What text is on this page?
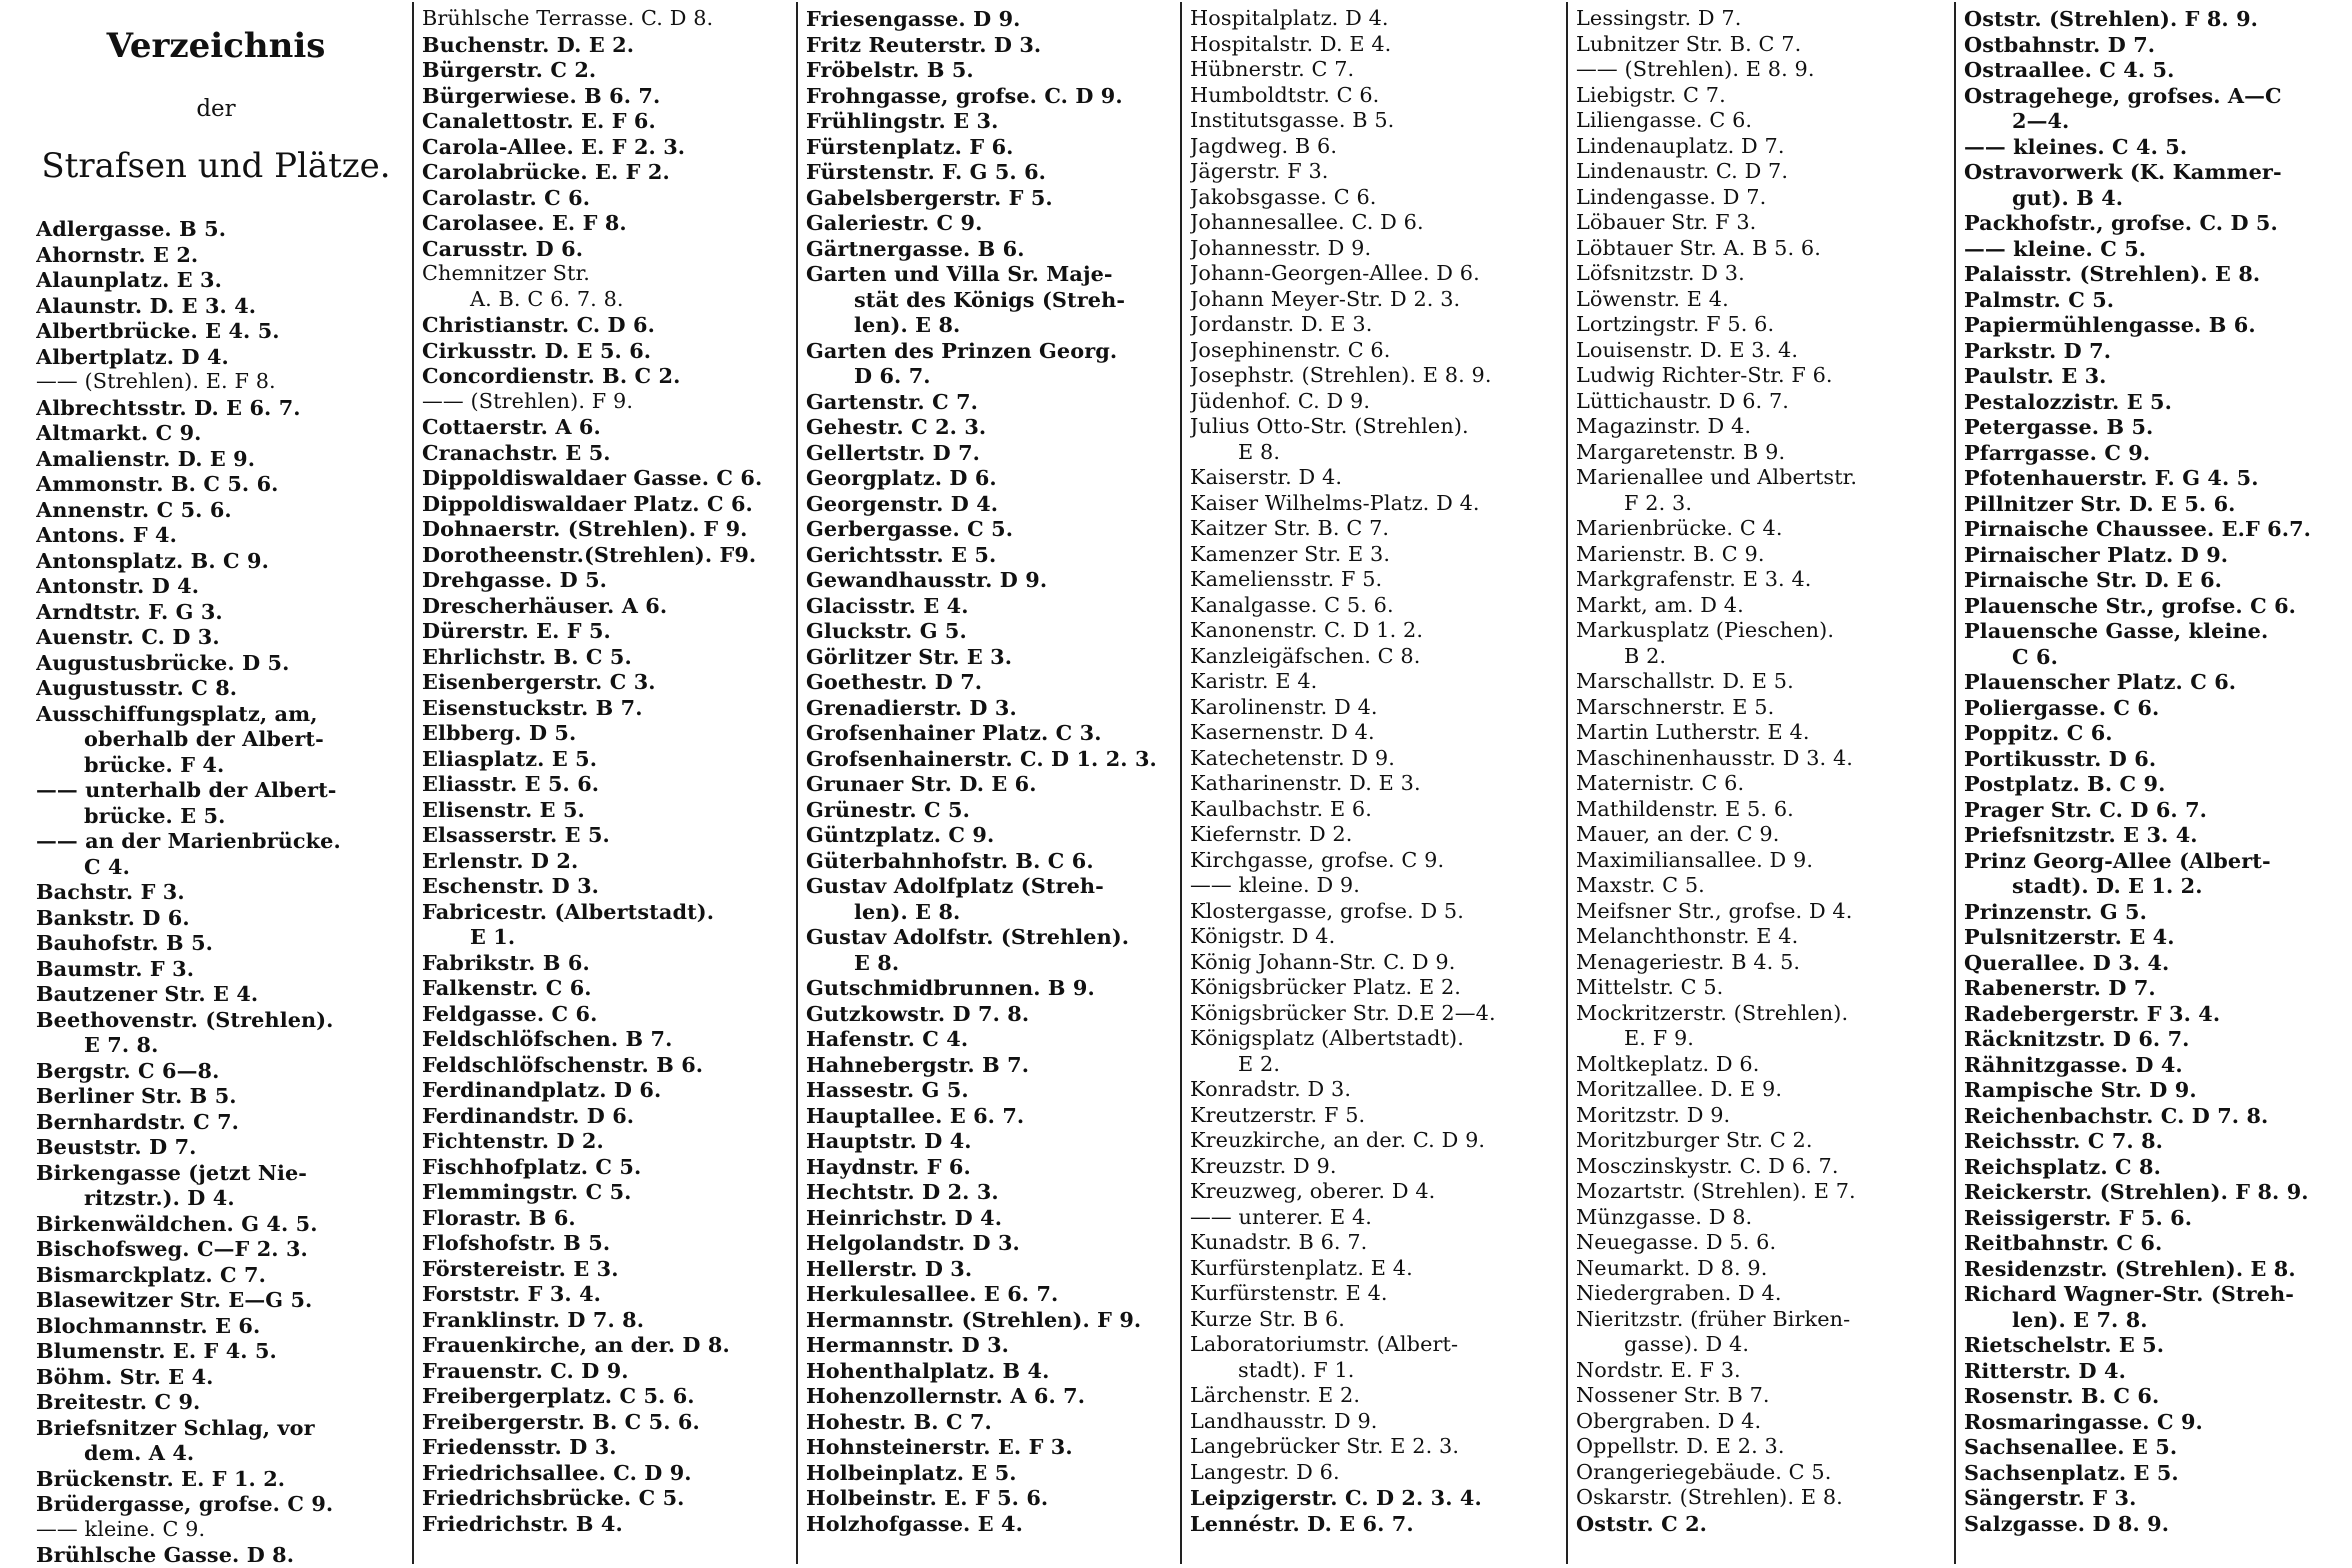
Verzeichnis
der
Strafsen und Plätze.
Adlergasse. B 5.
Ahornstr. E 2.
Alaunplatz. E 3.
Alaunstr. D. E 3. 4.
Albertbrücke. E 4. 5.
Albertplatz. D 4.
—— (Strehlen). E. F 8.
Albrechtsstr. D. E 6. 7.
Altmarkt. C 9.
Amalienstr. D. E 9.
Ammonstr. B. C 5. 6.
Annenstr. C 5. 6.
Antons. F 4.
Antonsplatz. B. C 9.
Antonstr. D 4.
Arndtstr. F. G 3.
Auenstr. C. D 3.
Augustusbrücke. D 5.
Augustusstr. C 8.
Ausschiffungsplatz, am,
oberhalb der Albert-
brücke. F 4.
—— unterhalb der Albert-
brücke. E 5.
—— an der Marienbrücke.
C 4.
Bachstr. F 3.
Bankstr. D 6.
Bauhofstr. B 5.
Baumstr. F 3.
Bautzener Str. E 4.
Beethovenstr. (Strehlen).
E 7. 8.
Bergstr. C 6—8.
Berliner Str. B 5.
Bernhardstr. C 7.
Beuststr. D 7.
Birkengasse (jetzt Nie-
ritzstr.). D 4.
Birkenwäldchen. G 4. 5.
Bischofsweg. C—F 2. 3.
Bismarckplatz. C 7.
Blasewitzer Str. E—G 5.
Blochmannstr. E 6.
Blumenstr. E. F 4. 5.
Böhm. Str. E 4.
Breitestr. C 9.
Briefsnitzer Schlag, vor
dem. A 4.
Brückenstr. E. F 1. 2.
Brüdergasse, grofse. C 9.
—— kleine. C 9.
Brühlsche Gasse. D 8.
Brühlsche Terrasse. C. D 8.
Buchenstr. D. E 2.
Bürgerstr. C 2.
Bürgerwiese. B 6. 7.
Canalettostr. E. F 6.
Carola-Allee. E. F 2. 3.
Carolabrücke. E. F 2.
Carolastr. C 6.
Carolasee. E. F 8.
Carusstr. D 6.
Chemnitzer Str.
A. B. C 6. 7. 8.
Christianstr. C. D 6.
Cirkusstr. D. E 5. 6.
Concordienstr. B. C 2.
—— (Strehlen). F 9.
Cottaerstr. A 6.
Cranachstr. E 5.
Dippoldiswaldaer Gasse. C 6.
Dippoldiswaldaer Platz. C 6.
Dohnaerstr. (Strehlen). F 9.
Dorotheenstr.(Strehlen). F9.
Drehgasse. D 5.
Drescherhäuser. A 6.
Dürerstr. E. F 5.
Ehrlichstr. B. C 5.
Eisenbergerstr. C 3.
Eisenstuckstr. B 7.
Elbberg. D 5.
Eliasplatz. E 5.
Eliasstr. E 5. 6.
Elisenstr. E 5.
Elsasserstr. E 5.
Erlenstr. D 2.
Eschenstr. D 3.
Fabricestr. (Albertstadt).
E 1.
Fabrikstr. B 6.
Falkenstr. C 6.
Feldgasse. C 6.
Feldschlöfschen. B 7.
Feldschlöfschenstr. B 6.
Ferdinandplatz. D 6.
Ferdinandstr. D 6.
Fichtenstr. D 2.
Fischhofplatz. C 5.
Flemmingstr. C 5.
Florastr. B 6.
Flofshofstr. B 5.
Förstereistr. E 3.
Forststr. F 3. 4.
Franklinstr. D 7. 8.
Frauenkirche, an der. D 8.
Frauenstr. C. D 9.
Freibergerplatz. C 5. 6.
Freibergerstr. B. C 5. 6.
Friedensstr. D 3.
Friedrichsallee. C. D 9.
Friedrichsbrücke. C 5.
Friedrichstr. B 4.
Friesengasse. D 9.
Fritz Reuterstr. D 3.
Fröbelstr. B 5.
Frohngasse, grofse. C. D 9.
Frühlingstr. E 3.
Fürstenplatz. F 6.
Fürstenstr. F. G 5. 6.
Gabelsbergerstr. F 5.
Galeriestr. C 9.
Gärtnergasse. B 6.
Garten und Villa Sr. Maje-
stät des Königs (Streh-
len). E 8.
Garten des Prinzen Georg.
D 6. 7.
Gartenstr. C 7.
Gehestr. C 2. 3.
Gellertstr. D 7.
Georgplatz. D 6.
Georgenstr. D 4.
Gerbergasse. C 5.
Gerichtsstr. E 5.
Gewandhausstr. D 9.
Glacisstr. E 4.
Gluckstr. G 5.
Görlitzer Str. E 3.
Goethestr. D 7.
Grenadierstr. D 3.
Grofsenhainer Platz. C 3.
Grofsenhainerstr. C. D 1. 2. 3.
Grunaer Str. D. E 6.
Grünestr. C 5.
Güntzplatz. C 9.
Güterbahnhofstr. B. C 6.
Gustav Adolfplatz (Streh-
len). E 8.
Gustav Adolfstr. (Strehlen).
E 8.
Gutschmidbrunnen. B 9.
Gutzkowstr. D 7. 8.
Hafenstr. C 4.
Hahnebergstr. B 7.
Hassestr. G 5.
Hauptallee. E 6. 7.
Hauptstr. D 4.
Haydnstr. F 6.
Hechtstr. D 2. 3.
Heinrichstr. D 4.
Helgolandstr. D 3.
Hellerstr. D 3.
Herkulesallee. E 6. 7.
Hermannstr. (Strehlen). F 9.
Hermannstr. D 3.
Hohenthalplatz. B 4.
Hohenzollernstr. A 6. 7.
Hohestr. B. C 7.
Hohnsteinerstr. E. F 3.
Holbeinplatz. E 5.
Holbeinstr. E. F 5. 6.
Holzhofgasse. E 4.
Hospitalplatz. D 4.
Hospitalstr. D. E 4.
Hübnerstr. C 7.
Humboldtstr. C 6.
Institutsgasse. B 5.
Jagdweg. B 6.
Jägerstr. F 3.
Jakobsgasse. C 6.
Johannesallee. C. D 6.
Johannesstr. D 9.
Johann-Georgen-Allee. D 6.
Johann Meyer-Str. D 2. 3.
Jordanstr. D. E 3.
Josephinenstr. C 6.
Josephstr. (Strehlen). E 8. 9.
Jüdenhof. C. D 9.
Julius Otto-Str. (Strehlen).
E 8.
Kaiserstr. D 4.
Kaiser Wilhelms-Platz. D 4.
Kaitzer Str. B. C 7.
Kamenzer Str. E 3.
Kameliensstr. F 5.
Kanalgasse. C 5. 6.
Kanonenstr. C. D 1. 2.
Kanzleigäfschen. C 8.
Karistr. E 4.
Karolinenstr. D 4.
Kasernenstr. D 4.
Katechetenstr. D 9.
Katharinenstr. D. E 3.
Kaulbachstr. E 6.
Kiefernstr. D 2.
Kirchgasse, grofse. C 9.
—— kleine. D 9.
Klostergasse, grofse. D 5.
Königstr. D 4.
König Johann-Str. C. D 9.
Königsbrücker Platz. E 2.
Königsbrücker Str. D.E 2—4.
Königsplatz (Albertstadt).
E 2.
Konradstr. D 3.
Kreutzerstr. F 5.
Kreuzkirche, an der. C. D 9.
Kreuzstr. D 9.
Kreuzweg, oberer. D 4.
—— unterer. E 4.
Kunadstr. B 6. 7.
Kurfürstenplatz. E 4.
Kurfürstenstr. E 4.
Kurze Str. B 6.
Laboratoriumstr. (Albert-
stadt). F 1.
Lärchenstr. E 2.
Landhausstr. D 9.
Langebrücker Str. E 2. 3.
Langestr. D 6.
Leipzigerstr. C. D 2. 3. 4.
Lennéstr. D. E 6. 7.
Lessingstr. D 7.
Lubnitzer Str. B. C 7.
—— (Strehlen). E 8. 9.
Liebigstr. C 7.
Liliengasse. C 6.
Lindenauplatz. D 7.
Lindenaustr. C. D 7.
Lindengasse. D 7.
Löbauer Str. F 3.
Löbtauer Str. A. B 5. 6.
Löfsnitzstr. D 3.
Löwenstr. E 4.
Lortzingstr. F 5. 6.
Louisenstr. D. E 3. 4.
Ludwig Richter-Str. F 6.
Lüttichaustr. D 6. 7.
Magazinstr. D 4.
Margaretenstr. B 9.
Marienallee und Albertstr.
F 2. 3.
Marienbrücke. C 4.
Marienstr. B. C 9.
Markgrafenstr. E 3. 4.
Markt, am. D 4.
Markusplatz (Pieschen).
B 2.
Marschallstr. D. E 5.
Marschnerstr. E 5.
Martin Lutherstr. E 4.
Maschinenhausstr. D 3. 4.
Maternistr. C 6.
Mathildenstr. E 5. 6.
Mauer, an der. C 9.
Maximiliansallee. D 9.
Maxstr. C 5.
Meifsner Str., grofse. D 4.
Melanchthonstr. E 4.
Menageriestr. B 4. 5.
Mittelstr. C 5.
Mockritzerstr. (Strehlen).
E. F 9.
Moltkeplatz. D 6.
Moritzallee. D. E 9.
Moritzstr. D 9.
Moritzburger Str. C 2.
Mosczinskystr. C. D 6. 7.
Mozartstr. (Strehlen). E 7.
Münzgasse. D 8.
Neuegasse. D 5. 6.
Neumarkt. D 8. 9.
Niedergraben. D 4.
Nieritzstr. (früher Birken-
gasse). D 4.
Nordstr. E. F 3.
Nossener Str. B 7.
Obergraben. D 4.
Oppellstr. D. E 2. 3.
Orangeriegebäude. C 5.
Oskarstr. (Strehlen). E 8.
Oststr. C 2.
Oststr. (Strehlen). F 8. 9.
Ostbahnstr. D 7.
Ostraallee. C 4. 5.
Ostragehege, grofses. A—C
2—4.
—— kleines. C 4. 5.
Ostravorwerk (K. Kammer-
gut). B 4.
Packhofstr., grofse. C. D 5.
—— kleine. C 5.
Palaisstr. (Strehlen). E 8.
Palmstr. C 5.
Papiermühlengasse. B 6.
Parkstr. D 7.
Paulstr. E 3.
Pestalozzistr. E 5.
Petergasse. B 5.
Pfarrgasse. C 9.
Pfotenhauerstr. F. G 4. 5.
Pillnitzer Str. D. E 5. 6.
Pirnaische Chaussee. E.F 6.7.
Pirnaischer Platz. D 9.
Pirnaische Str. D. E 6.
Plauensche Str., grofse. C 6.
Plauensche Gasse, kleine.
C 6.
Plauenscher Platz. C 6.
Poliergasse. C 6.
Poppitz. C 6.
Portikusstr. D 6.
Postplatz. B. C 9.
Prager Str. C. D 6. 7.
Priefsnitzstr. E 3. 4.
Prinz Georg-Allee (Albert-
stadt). D. E 1. 2.
Prinzenstr. G 5.
Pulsnitzerstr. E 4.
Querallee. D 3. 4.
Rabenerstr. D 7.
Radebergerstr. F 3. 4.
Räcknitzstr. D 6. 7.
Rähnitzgasse. D 4.
Rampische Str. D 9.
Reichenbachstr. C. D 7. 8.
Reichsstr. C 7. 8.
Reichsplatz. C 8.
Reickerstr. (Strehlen). F 8. 9.
Reissigerstr. F 5. 6.
Reitbahnstr. C 6.
Residenzstr. (Strehlen). E 8.
Richard Wagner-Str. (Streh-
len). E 7. 8.
Rietschelstr. E 5.
Ritterstr. D 4.
Rosenstr. B. C 6.
Rosmaringasse. C 9.
Sachsenallee. E 5.
Sachsenplatz. E 5.
Sängerstr. F 3.
Salzgasse. D 8. 9.
